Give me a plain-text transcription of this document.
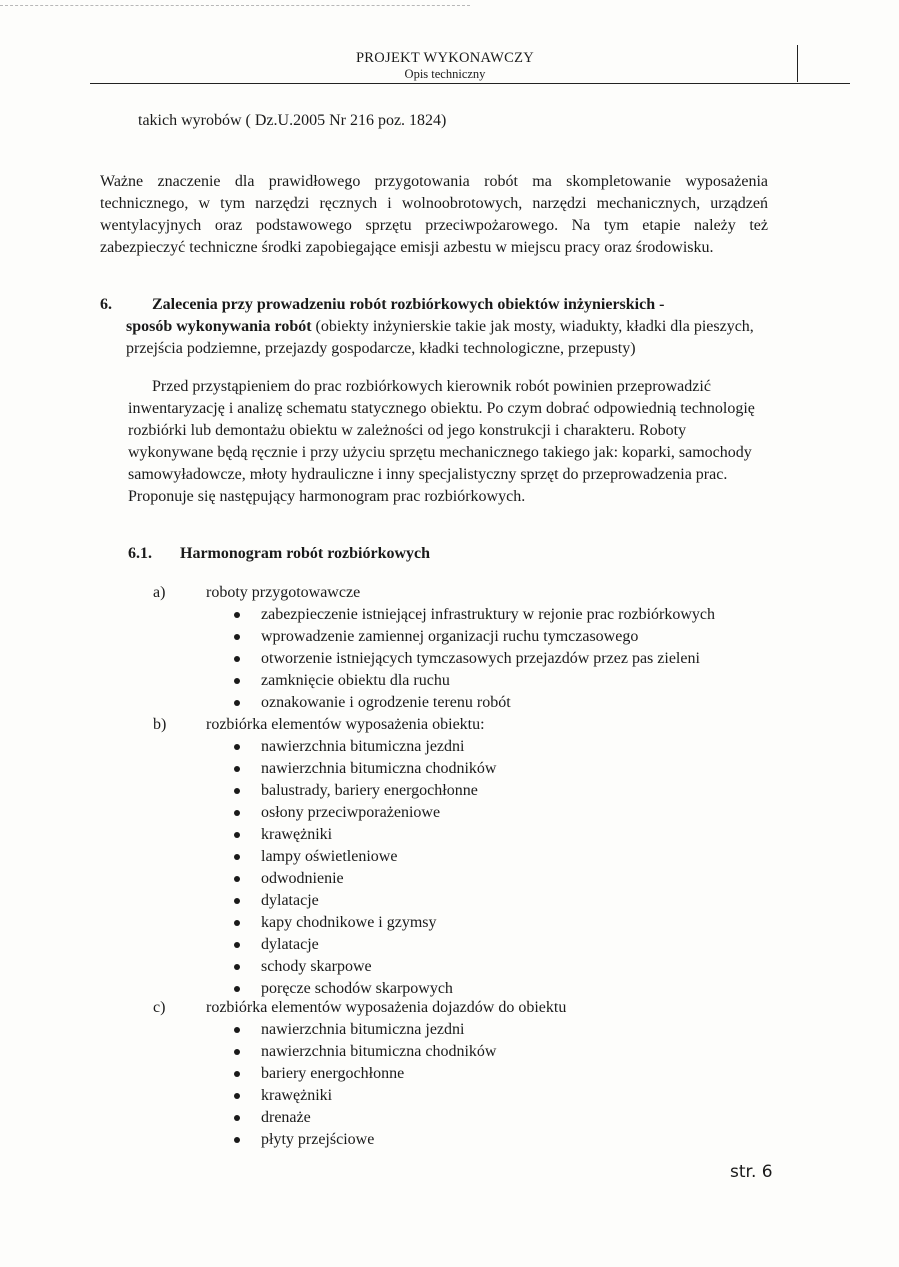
PROJEKT WYKONAWCZY
Opis techniczny

takich wyrobów ( Dz.U.2005 Nr 216 poz. 1824)

Ważne znaczenie dla prawidłowego przygotowania robót ma skompletowanie wyposażenia technicznego, w tym narzędzi ręcznych i wolnoobrotowych, narzędzi mechanicznych, urządzeń wentylacyjnych oraz podstawowego sprzętu przeciwpożarowego. Na tym etapie należy też zabezpieczyć techniczne środki zapobiegające emisji azbestu w miejscu pracy oraz środowisku.

6.	Zalecenia przy prowadzeniu robót rozbiórkowych obiektów inżynierskich -
sposób wykonywania robót (obiekty inżynierskie takie jak mosty, wiadukty, kładki dla pieszych, przejścia podziemne, przejazdy gospodarcze, kładki technologiczne, przepusty)

Przed przystąpieniem do prac rozbiórkowych kierownik robót powinien przeprowadzić inwentaryzację i analizę schematu statycznego obiektu. Po czym dobrać odpowiednią technologię rozbiórki lub demontażu obiektu w zależności od jego konstrukcji i charakteru. Roboty wykonywane będą ręcznie i przy użyciu sprzętu mechanicznego takiego jak: koparki, samochody samowyładowcze, młoty hydrauliczne i inny specjalistyczny sprzęt do przeprowadzenia prac. Proponuje się następujący harmonogram prac rozbiórkowych.

6.1. Harmonogram robót rozbiórkowych
a)	roboty przygotowawcze
zabezpieczenie istniejącej infrastruktury w rejonie prac rozbiórkowych
wprowadzenie zamiennej organizacji ruchu tymczasowego
otworzenie istniejących tymczasowych przejazdów przez pas zieleni
zamknięcie obiektu dla ruchu
oznakowanie i ogrodzenie terenu robót
b) rozbiórka elementów wyposażenia obiektu:
nawierzchnia bitumiczna jezdni
nawierzchnia bitumiczna chodników
balustrady, bariery energochłonne
osłony przeciwporażeniowe
krawężniki
lampy oświetleniowe
odwodnienie
dylatacje
kapy chodnikowe i gzymsy
dylatacje
schody skarpowe
poręcze schodów skarpowych
c)	rozbiórka elementów wyposażenia dojazdów do obiektu
nawierzchnia bitumiczna jezdni
nawierzchnia bitumiczna chodników
bariery energochłonne
krawężniki
drenaże
płyty przejściowe
str. 6
